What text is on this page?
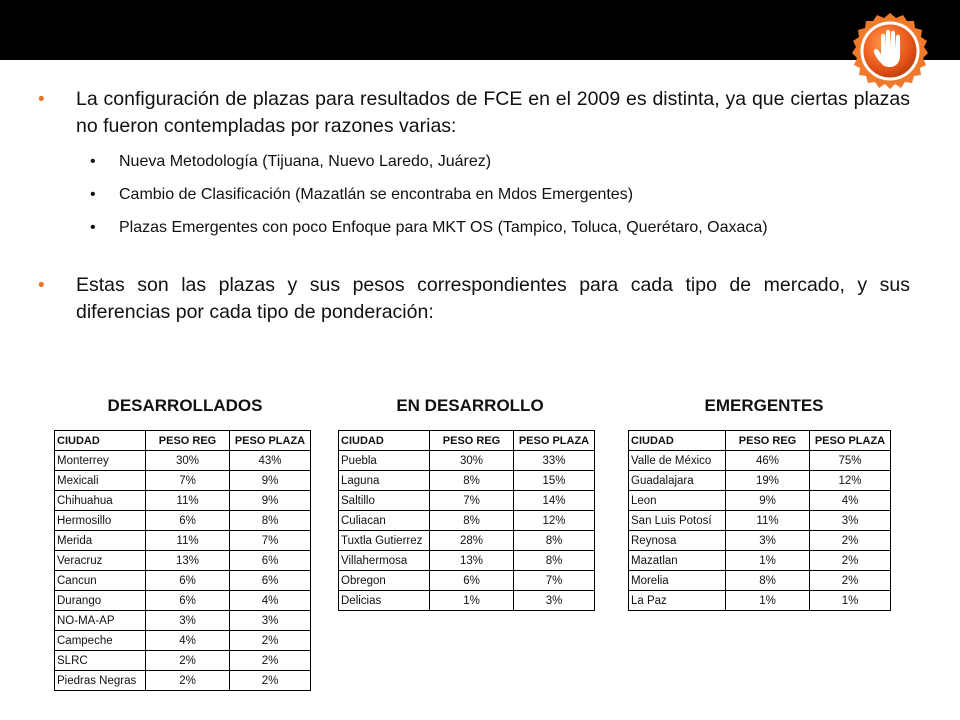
• La configuración de plazas para resultados de FCE en el 2009 es distinta, ya que ciertas plazas no fueron contempladas por razones varias:
• Nueva Metodología (Tijuana, Nuevo Laredo, Juárez)
• Cambio de Clasificación (Mazatlán se encontraba en Mdos Emergentes)
• Plazas Emergentes con poco Enfoque para MKT OS (Tampico, Toluca, Querétaro, Oaxaca)
• Estas son las plazas y sus pesos correspondientes para cada tipo de mercado, y sus diferencias por cada tipo de ponderación:
DESARROLLADOS	EN DESARROLLO	EMERGENTES
CIUDAD	PESO REG	PESO PLAZA
Monterrey	30%	43%
Mexicali	7%	9%
Chihuahua	11%	9%
Hermosillo	6%	8%
Merida	11%	7%
Veracruz	13%	6%
Cancun	6%	6%
Durango	6%	4%
NO-MA-AP	3%	3%
Campeche	4%	2%
SLRC	2%	2%
Piedras Negras	2%	2%
CIUDAD	PESO REG	PESO PLAZA
Puebla	30%	33%
Laguna	8%	15%
Saltillo	7%	14%
Culiacan	8%	12%
Tuxtla Gutierrez	28%	8%
Villahermosa	13%	8%
Obregon	6%	7%
Delicias	1%	3%
CIUDAD	PESO REG	PESO PLAZA
Valle de México	46%	75%
Guadalajara	19%	12%
Leon	9%	4%
San Luis Potosí	11%	3%
Reynosa	3%	2%
Mazatlan	1%	2%
Morelia	8%	2%
La Paz	1%	1%
